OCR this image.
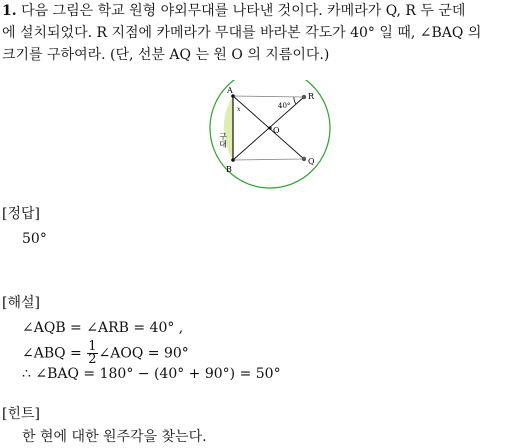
1. 다음 그림은 학교 원형 야외무대를 나타낸 것이다. 카메라가 Q, R 두 군데
에 설치되었다. R 지점에 카메라가 무대를 바라본 각도가 40° 일 때, ∠BAQ 의
크기를 구하여라. (단, 선분 AQ 는 원 O 의 지름이다.)
A
B
O
R
Q
40°
x
구대
[정답]
50°
[해설]
∠AQB = ∠ARB = 40° ,
∠ABQ = $\frac{1}{2}$ ∠AOQ = 90°
∴ ∠BAQ = 180° − (40° + 90°) = 50°
[힌트]
한 현에 대한 원주각을 찾는다.
